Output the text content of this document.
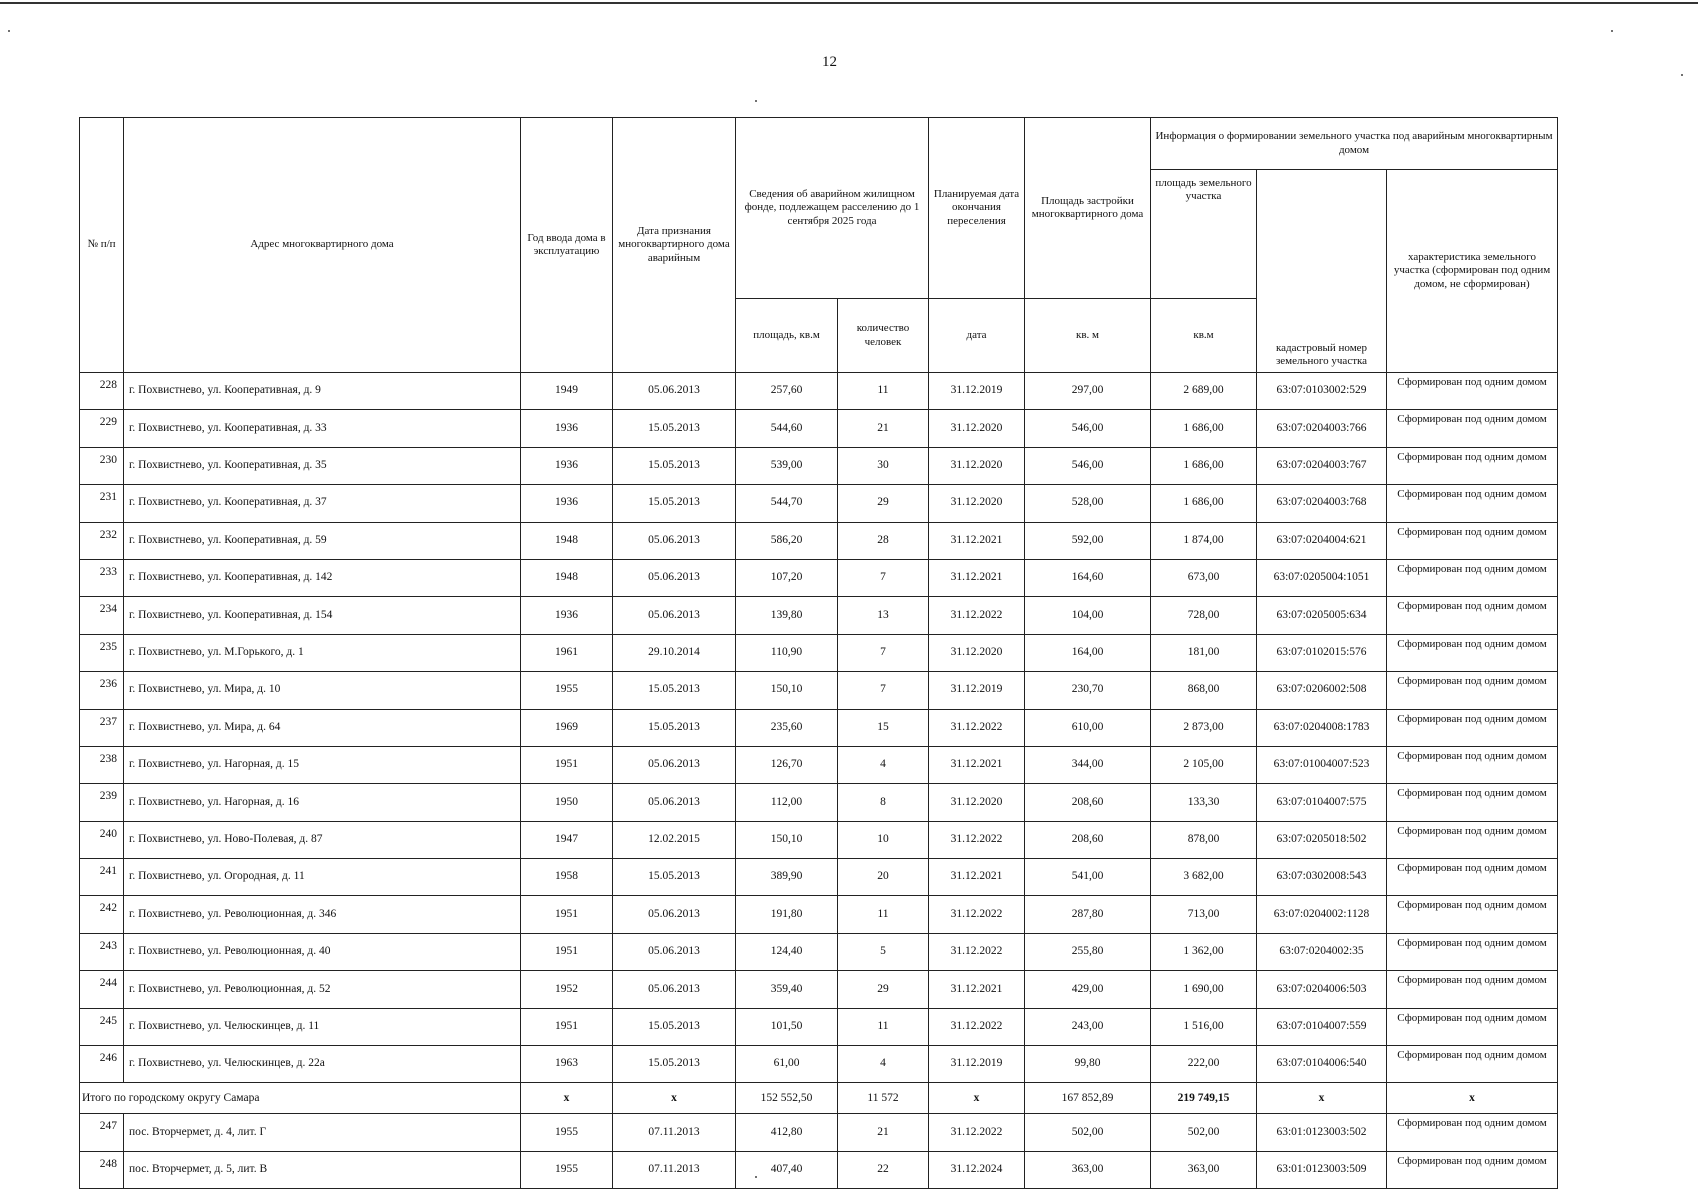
12
№ п/п	Адрес многоквартирного дома	Год ввода дома в эксплуатацию	Дата признания многоквартирного дома аварийным	Сведения об аварийном жилищном фонде, подлежащем расселению до 1 сентября 2025 года		Планируемая дата окончания переселения	Площадь застройки многоквартирного дома	Информация о формировании земельного участка под аварийным многоквартирным домом		
								площадь земельного участка	кадастровый номер земельного участка	характеристика земельного участка (сформирован под одним домом, не сформирован)
				площадь, кв.м	количество человек	дата	кв. м	кв.м		
228	г. Похвистнево, ул. Кооперативная, д. 9	1949	05.06.2013	257,60	11	31.12.2019	297,00	2 689,00	63:07:0103002:529	Сформирован под одним домом
229	г. Похвистнево, ул. Кооперативная, д. 33	1936	15.05.2013	544,60	21	31.12.2020	546,00	1 686,00	63:07:0204003:766	Сформирован под одним домом
230	г. Похвистнево, ул. Кооперативная, д. 35	1936	15.05.2013	539,00	30	31.12.2020	546,00	1 686,00	63:07:0204003:767	Сформирован под одним домом
231	г. Похвистнево, ул. Кооперативная, д. 37	1936	15.05.2013	544,70	29	31.12.2020	528,00	1 686,00	63:07:0204003:768	Сформирован под одним домом
232	г. Похвистнево, ул. Кооперативная, д. 59	1948	05.06.2013	586,20	28	31.12.2021	592,00	1 874,00	63:07:0204004:621	Сформирован под одним домом
233	г. Похвистнево, ул. Кооперативная, д. 142	1948	05.06.2013	107,20	7	31.12.2021	164,60	673,00	63:07:0205004:1051	Сформирован под одним домом
234	г. Похвистнево, ул. Кооперативная, д. 154	1936	05.06.2013	139,80	13	31.12.2022	104,00	728,00	63:07:0205005:634	Сформирован под одним домом
235	г. Похвистнево, ул. М.Горького, д. 1	1961	29.10.2014	110,90	7	31.12.2020	164,00	181,00	63:07:0102015:576	Сформирован под одним домом
236	г. Похвистнево, ул. Мира, д. 10	1955	15.05.2013	150,10	7	31.12.2019	230,70	868,00	63:07:0206002:508	Сформирован под одним домом
237	г. Похвистнево, ул. Мира, д. 64	1969	15.05.2013	235,60	15	31.12.2022	610,00	2 873,00	63:07:0204008:1783	Сформирован под одним домом
238	г. Похвистнево, ул. Нагорная, д. 15	1951	05.06.2013	126,70	4	31.12.2021	344,00	2 105,00	63:07:01004007:523	Сформирован под одним домом
239	г. Похвистнево, ул. Нагорная, д. 16	1950	05.06.2013	112,00	8	31.12.2020	208,60	133,30	63:07:0104007:575	Сформирован под одним домом
240	г. Похвистнево, ул. Ново-Полевая, д. 87	1947	12.02.2015	150,10	10	31.12.2022	208,60	878,00	63:07:0205018:502	Сформирован под одним домом
241	г. Похвистнево, ул. Огородная, д. 11	1958	15.05.2013	389,90	20	31.12.2021	541,00	3 682,00	63:07:0302008:543	Сформирован под одним домом
242	г. Похвистнево, ул. Революционная, д. 346	1951	05.06.2013	191,80	11	31.12.2022	287,80	713,00	63:07:0204002:1128	Сформирован под одним домом
243	г. Похвистнево, ул. Революционная, д. 40	1951	05.06.2013	124,40	5	31.12.2022	255,80	1 362,00	63:07:0204002:35	Сформирован под одним домом
244	г. Похвистнево, ул. Революционная, д. 52	1952	05.06.2013	359,40	29	31.12.2021	429,00	1 690,00	63:07:0204006:503	Сформирован под одним домом
245	г. Похвистнево, ул. Челюскинцев, д. 11	1951	15.05.2013	101,50	11	31.12.2022	243,00	1 516,00	63:07:0104007:559	Сформирован под одним домом
246	г. Похвистнево, ул. Челюскинцев, д. 22а	1963	15.05.2013	61,00	4	31.12.2019	99,80	222,00	63:07:0104006:540	Сформирован под одним домом
Итого по городскому округу Самара		x	x	152 552,50	11 572	x	167 852,89	219 749,15	x	x
247	пос. Вторчермет, д. 4, лит. Г	1955	07.11.2013	412,80	21	31.12.2022	502,00	502,00	63:01:0123003:502	Сформирован под одним домом
248	пос. Вторчермет, д. 5, лит. В	1955	07.11.2013	407,40	22	31.12.2024	363,00	363,00	63:01:0123003:509	Сформирован под одним домом
